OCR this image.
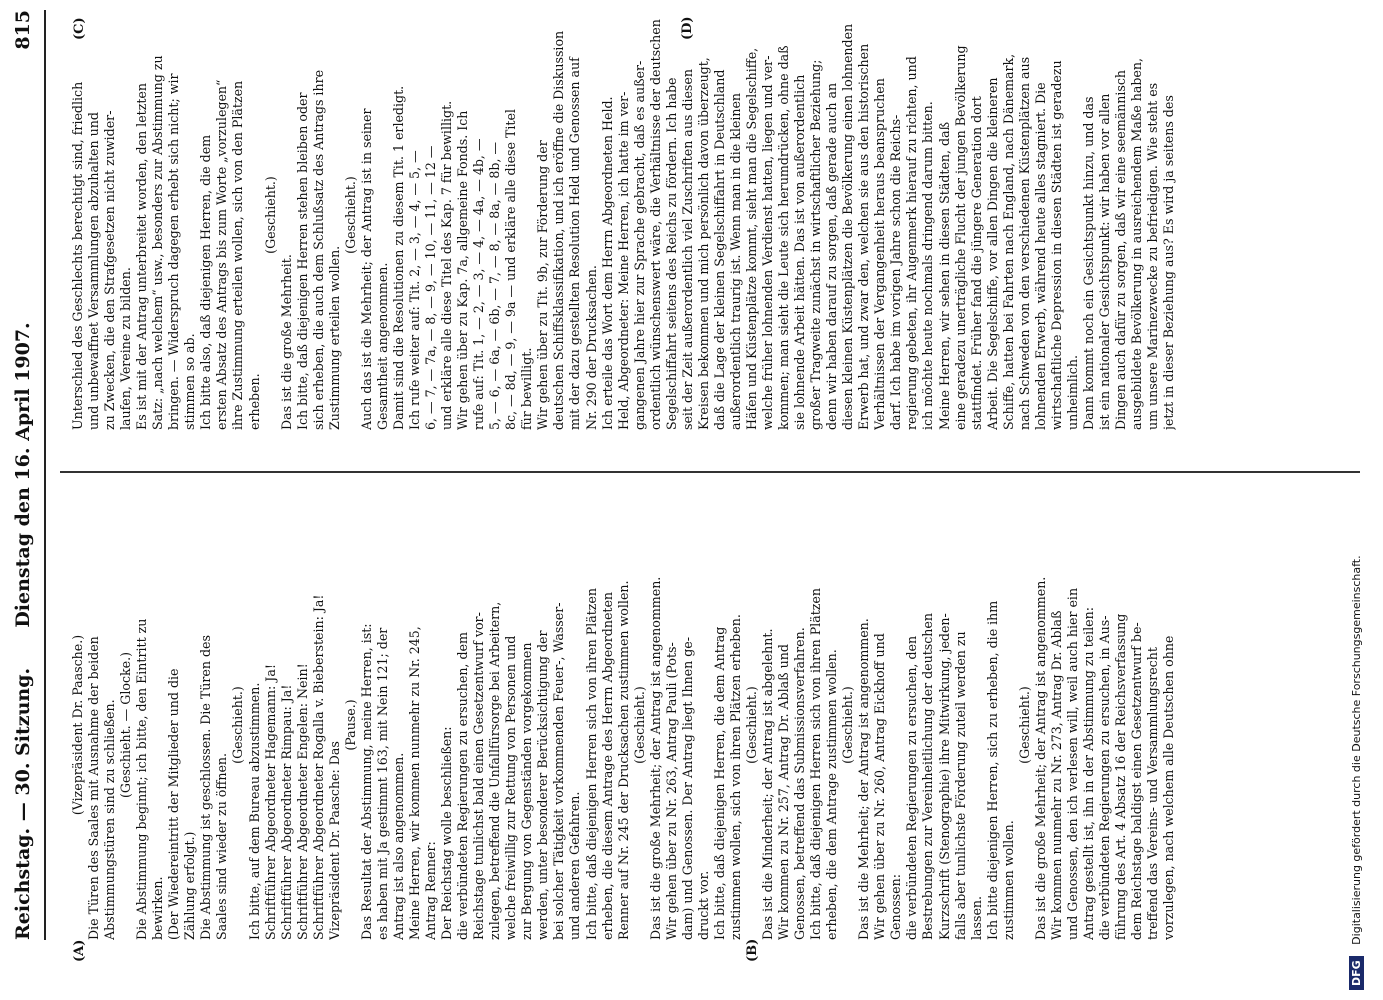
Reichstag. — 30. Sitzung.
Dienstag den 16. April 1907.
815
(A)	(B)
(C)	(D)
(Vizepräsident Dr. Paasche.) Die Türen des Saales mit Ausnahme der beiden Abstimmungstüren sind zu schließen. (Geschieht. — Glocke.) Die Abstimmung beginnt; ich bitte, den Eintritt zu bewirken. (Der Wiedereintritt der Mitglieder und die Zählung erfolgt.) Die Abstimmung ist geschlossen. Die Türen des Saales sind wieder zu öffnen.
(Geschieht.) Ich bitte, auf dem Bureau abzustimmen. Schriftführer Abgeordneter Hagemann: Ja! Schriftführer Abgeordneter Rimpau: Ja! Schriftführer Abgeordneter Engelen: Nein! Schriftführer Abgeordneter Rogalla v. Bieberstein: Ja! Vizepräsident Dr. Paasche: Das
(Pause.) Das Resultat der Abstimmung, meine Herren, ist: es haben mit Ja gestimmt 163, mit Nein 121; der Antrag ist also angenommen. Meine Herren, wir kommen nunmehr zu Nr. 245, Antrag Renner: Der Reichstag wolle beschließen: die verbündeten Regierungen zu ersuchen, dem Reichstage tunlichst bald einen Gesetzentwurf vor- zulegen, betreffend die Unfallfürsorge bei Arbeitern, welche freiwillig zur Rettung von Personen und zur Bergung von Gegenständen vorgekommen werden, unter besonderer Berücksichtigung der bei solcher Tätigkeit vorkommenden Feuer-, Wasser- und anderen Gefahren. Ich bitte, daß diejenigen Herren sich von ihren Plätzen erheben, die diesem Antrage des Herrn Abgeordneten Renner auf Nr. 245 der Drucksachen zustimmen wollen. (Geschieht.) Das ist die große Mehrheit; der Antrag ist angenommen. Wir gehen über zu Nr. 263, Antrag Pauli (Pots- dam) und Genossen. Der Antrag liegt Ihnen ge- druckt vor. Ich bitte, daß diejenigen Herren, die dem Antrag zustimmen wollen, sich von ihren Plätzen erheben. (Geschieht.) Das ist die Minderheit; der Antrag ist abgelehnt. Wir kommen zu Nr. 257, Antrag Dr. Ablaß und Genossen, betreffend das Submissionsverfahren. Ich bitte, daß diejenigen Herren sich von ihren Plätzen erheben, die dem Antrage zustimmen wollen. (Geschieht.) Das ist die Mehrheit; der Antrag ist angenommen. Wir gehen über zu Nr. 260, Antrag Eickhoff und Genossen: die verbündeten Regierungen zu ersuchen, den Bestrebungen zur Vereinheitlichung der deutschen Kurzschrift (Stenographie) ihre Mitwirkung, jeden- falls aber tunlichste Förderung zuteil werden zu lassen. Ich bitte diejenigen Herren, sich zu erheben, die ihm zustimmen wollen.
(Geschieht.) Das ist die große Mehrheit; der Antrag ist angenommen. Wir kommen nunmehr zu Nr. 273, Antrag Dr. Ablaß und Genossen, den ich verlesen will, weil auch hier ein Antrag gestellt ist, ihn in der Abstimmung zu teilen: die verbündeten Regierungen zu ersuchen, in Aus- führung des Art. 4 Absatz 16 der Reichsverfassung dem Reichstage baldigst einen Gesetzentwurf be- treffend das Vereins- und Versammlungsrecht vorzulegen, nach welchem alle Deutschen ohne
Unterschied des Geschlechts berechtigt sind, friedlich und unbewaffnet Versammlungen abzuhalten und zu Zwecken, die den Strafgesetzen nicht zuwider- laufen, Vereine zu bilden. Es ist mit der Antrag unterbreitet worden, den letzten Satz: „nach welchem“ usw., besonders zur Abstimmung zu bringen. — Widerspruch dagegen erhebt sich nicht; wir stimmen so ab. Ich bitte also, daß diejenigen Herren, die dem ersten Absatz des Antrags bis zum Worte „vorzulegen“ ihre Zustimmung erteilen wollen, sich von den Plätzen erheben.
(Geschieht.)
Das ist die große Mehrheit. Ich bitte, daß diejenigen Herren stehen bleiben oder sich erheben, die auch dem Schlußsatz des Antrags ihre Zustimmung erteilen wollen.
(Geschieht.) Auch das ist die Mehrheit; der Antrag ist in seiner Gesamtheit angenommen. Damit sind die Resolutionen zu diesem Tit. 1 erledigt. Ich rufe weiter auf: Tit. 2, — 3, — 4, — 5, — 6, — 7, — 7a, — 8, — 9, — 10, — 11, — 12 — und erkläre alle diese Titel des Kap. 7 für bewilligt. Wir gehen über zu Kap. 7a, allgemeine Fonds. Ich rufe auf: Tit. 1, — 2, — 3, — 4, — 4a, — 4b, — 5, — 6, — 6a, — 6b, — 7, — 8, — 8a, — 8b, — 8c, — 8d, — 9, — 9a — und erkläre alle diese Titel für bewilligt. Wir gehen über zu Tit. 9b, zur Förderung der deutschen Schiffsklassifikation, und ich eröffne die Diskussion mit der dazu gestellten Resolution Held und Genossen auf Nr. 290 der Drucksachen. Ich erteile das Wort dem Herrn Abgeordneten Held. Held, Abgeordneter: Meine Herren, ich hatte im ver- gangenen Jahre hier zur Sprache gebracht, daß es außer- ordentlich wünschenswert wäre, die Verhältnisse der deutschen Segelschiffahrt seitens des Reichs zu fördern. Ich habe seit der Zeit außerordentlich viel Zuschriften aus diesen Kreisen bekommen und mich persönlich davon überzeugt, daß die Lage der kleinen Segelschiffahrt in Deutschland außerordentlich traurig ist. Wenn man in die kleinen Häfen und Küstenplätze kommt, sieht man die Segelschiffe, welche früher lohnenden Verdienst hatten, liegen und ver- kommen; man sieht die Leute sich herumdrücken, ohne daß sie lohnende Arbeit hätten. Das ist von außerordentlich großer Tragweite zunächst in wirtschaftlicher Beziehung; denn wir haben darauf zu sorgen, daß gerade auch an diesen kleinen Küstenplätzen die Bevölkerung einen lohnenden Erwerb hat, und zwar den, welchen sie aus den historischen Verhältnissen der Vergangenheit heraus beanspruchen darf. Ich habe im vorigen Jahre schon die Reichs- regierung gebeten, ihr Augenmerk hierauf zu richten, und ich möchte heute nochmals dringend darum bitten. Meine Herren, wir sehen in diesen Städten, daß eine geradezu unerträgliche Flucht der jungen Bevölkerung stattfindet. Früher fand die jüngere Generation dort Arbeit. Die Segelschiffe, vor allen Dingen die kleineren Schiffe, hatten bei Fahrten nach England, nach Dänemark, nach Schweden von den verschiedenen Küstenplätzen aus lohnenden Erwerb, während heute alles stagniert. Die wirtschaftliche Depression in diesen Städten ist geradezu unheimlich. Dann kommt noch ein Gesichtspunkt hinzu, und das ist ein nationaler Gesichtspunkt: wir haben vor allen Dingen auch dafür zu sorgen, daß wir eine seemännisch ausgebildete Bevölkerung in ausreichendem Maße haben, um unsere Marinezwecke zu befriedigen. Wie steht es jetzt in dieser Beziehung aus? Es wird ja seitens des
DFG Digitalisierung gefördert durch die Deutsche Forschungsgemeinschaft.
